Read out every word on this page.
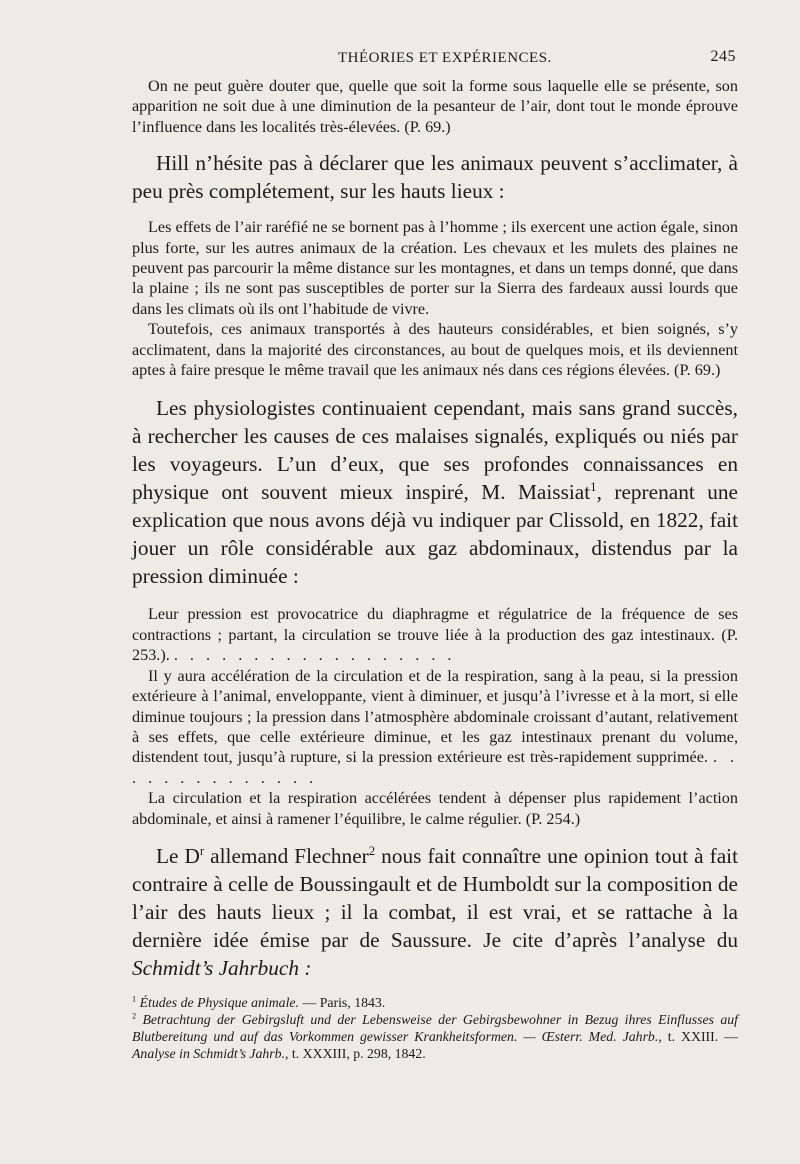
THÉORIES ET EXPÉRIENCES.	245

On ne peut guère douter que, quelle que soit la forme sous laquelle elle se présente, son apparition ne soit due à une diminution de la pesanteur de l’air, dont tout le monde éprouve l’influence dans les localités très-élevées. (P. 69.)

Hill n’hésite pas à déclarer que les animaux peuvent s’acclimater, à peu près complétement, sur les hauts lieux :

Les effets de l’air raréfié ne se bornent pas à l’homme ; ils exercent une action égale, sinon plus forte, sur les autres animaux de la création. Les chevaux et les mulets des plaines ne peuvent pas parcourir la même distance sur les montagnes, et dans un temps donné, que dans la plaine ; ils ne sont pas susceptibles de porter sur la Sierra des fardeaux aussi lourds que dans les climats où ils ont l’habitude de vivre.

Toutefois, ces animaux transportés à des hauteurs considérables, et bien soignés, s’y acclimatent, dans la majorité des circonstances, au bout de quelques mois, et ils deviennent aptes à faire presque le même travail que les animaux nés dans ces régions élevées. (P. 69.)

Les physiologistes continuaient cependant, mais sans grand succès, à rechercher les causes de ces malaises signalés, expliqués ou niés par les voyageurs. L’un d’eux, que ses profondes connaissances en physique ont souvent mieux inspiré, M. Maissiat$^1$, reprenant une explication que nous avons déjà vu indiquer par Clissold, en 1822, fait jouer un rôle considérable aux gaz abdominaux, distendus par la pression diminuée :

Leur pression est provocatrice du diaphragme et régulatrice de la fréquence de ses contractions ; partant, la circulation se trouve liée à la production des gaz intestinaux. (P. 253.). . . . . . . . . . . . . . . . . . .

Il y aura accélération de la circulation et de la respiration, sang à la peau, si la pression extérieure à l’animal, enveloppante, vient à diminuer, et jusqu’à l’ivresse et à la mort, si elle diminue toujours ; la pression dans l’atmosphère abdominale croissant d’autant, relativement à ses effets, que celle extérieure diminue, et les gaz intestinaux prenant du volume, distendent tout, jusqu’à rupture, si la pression extérieure est très-rapidement supprimée. . . . . . . . . . . . . . .

La circulation et la respiration accélérées tendent à dépenser plus rapidement l’action abdominale, et ainsi à ramener l’équilibre, le calme régulier. (P. 254.)

Le $D^r$ allemand Flechner$^2$ nous fait connaître une opinion tout à fait contraire à celle de Boussingault et de Humboldt sur la composition de l’air des hauts lieux ; il la combat, il est vrai, et se rattache à la dernière idée émise par de Saussure. Je cite d’après l’analyse du Schmidt’s Jahrbuch :

$^1$ Études de Physique animale. — Paris, 1843.

$^2$ Betrachtung der Gebirgsluft und der Lebensweise der Gebirgsbewohner in Bezug ihres Einflusses auf Blutbereitung und auf das Vorkommen gewisser Krankheitsformen. — Œsterr. Med. Jahrb., t. XXIII. — Analyse in Schmidt’s Jahrb., t. XXXIII, p. 298, 1842.
